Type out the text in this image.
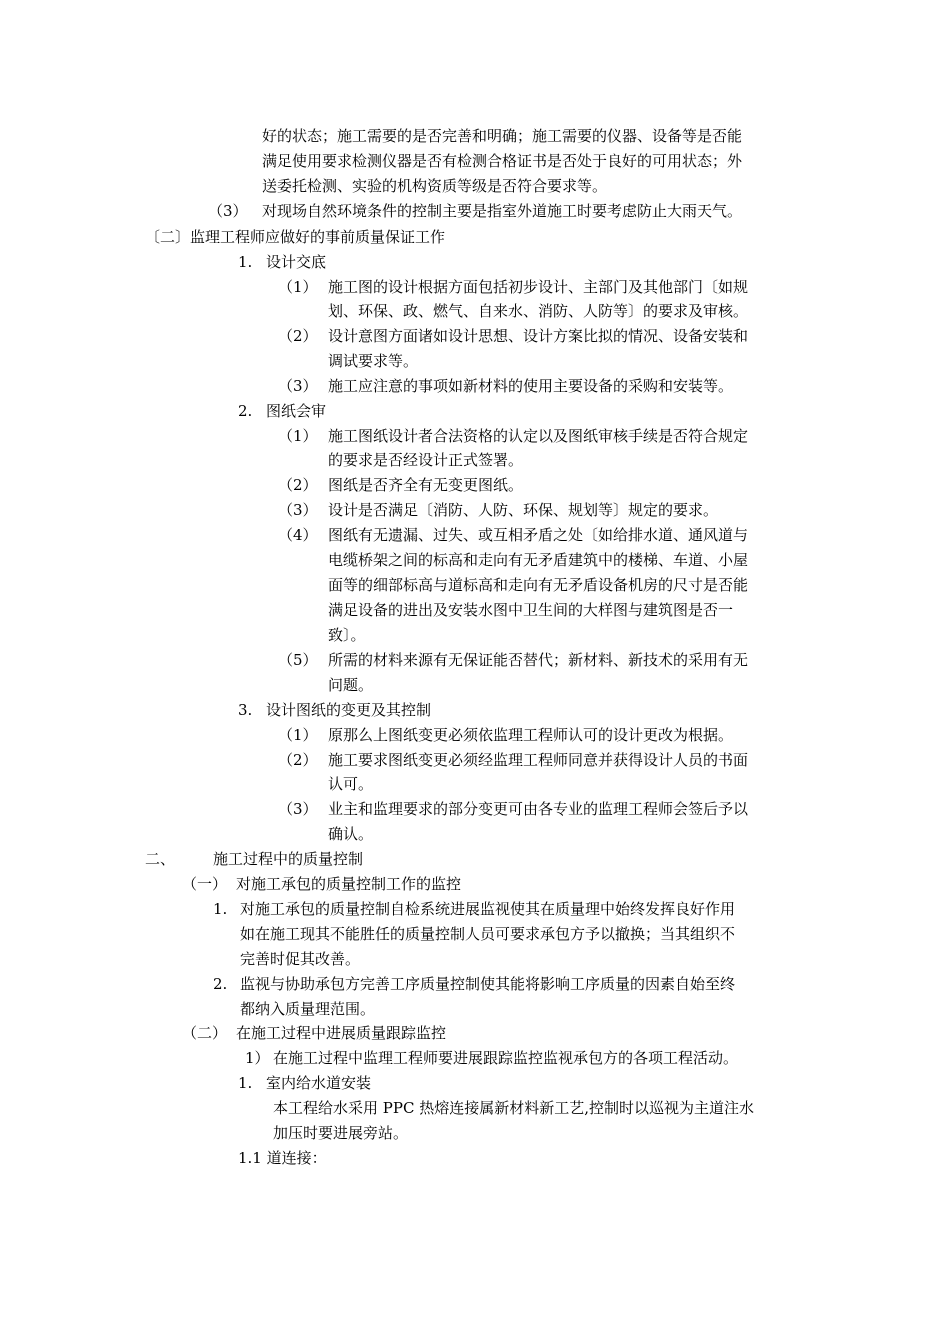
好的状态；施工需要的是否完善和明确；施工需要的仪器、设备等是否能
满足使用要求检测仪器是否有检测合格证书是否处于良好的可用状态；外
送委托检测、实验的机构资质等级是否符合要求等。
（3） 对现场自然环境条件的控制主要是指室外道施工时要考虑防止大雨天气。
〔二〕监理工程师应做好的事前质量保证工作
1. 设计交底
（1） 施工图的设计根据方面包括初步设计、主部门及其他部门〔如规
划、环保、政、燃气、自来水、消防、人防等〕的要求及审核。
（2） 设计意图方面诸如设计思想、设计方案比拟的情况、设备安装和
调试要求等。
（3） 施工应注意的事项如新材料的使用主要设备的采购和安装等。
2. 图纸会审
（1） 施工图纸设计者合法资格的认定以及图纸审核手续是否符合规定
的要求是否经设计正式签署。
（2） 图纸是否齐全有无变更图纸。
（3） 设计是否满足〔消防、人防、环保、规划等〕规定的要求。
（4） 图纸有无遗漏、过失、或互相矛盾之处〔如给排水道、通风道与
电缆桥架之间的标高和走向有无矛盾建筑中的楼梯、车道、小屋
面等的细部标高与道标高和走向有无矛盾设备机房的尺寸是否能
满足设备的进出及安装水图中卫生间的大样图与建筑图是否一
致〕。
（5） 所需的材料来源有无保证能否替代；新材料、新技术的采用有无
问题。
3. 设计图纸的变更及其控制
（1） 原那么上图纸变更必须依监理工程师认可的设计更改为根据。
（2） 施工要求图纸变更必须经监理工程师同意并获得设计人员的书面
认可。
（3） 业主和监理要求的部分变更可由各专业的监理工程师会签后予以
确认。
二、	施工过程中的质量控制
（一） 对施工承包的质量控制工作的监控
1. 对施工承包的质量控制自检系统进展监视使其在质量理中始终发挥良好作用
如在施工现其不能胜任的质量控制人员可要求承包方予以撤换；当其组织不
完善时促其改善。
2. 监视与协助承包方完善工序质量控制使其能将影响工序质量的因素自始至终
都纳入质量理范围。
（二） 在施工过程中进展质量跟踪监控
1） 在施工过程中监理工程师要进展跟踪监控监视承包方的各项工程活动。
1. 室内给水道安装
本工程给水采用 PPC 热熔连接属新材料新工艺,控制时以巡视为主道注水
加压时要进展旁站。
1.1 道连接：
